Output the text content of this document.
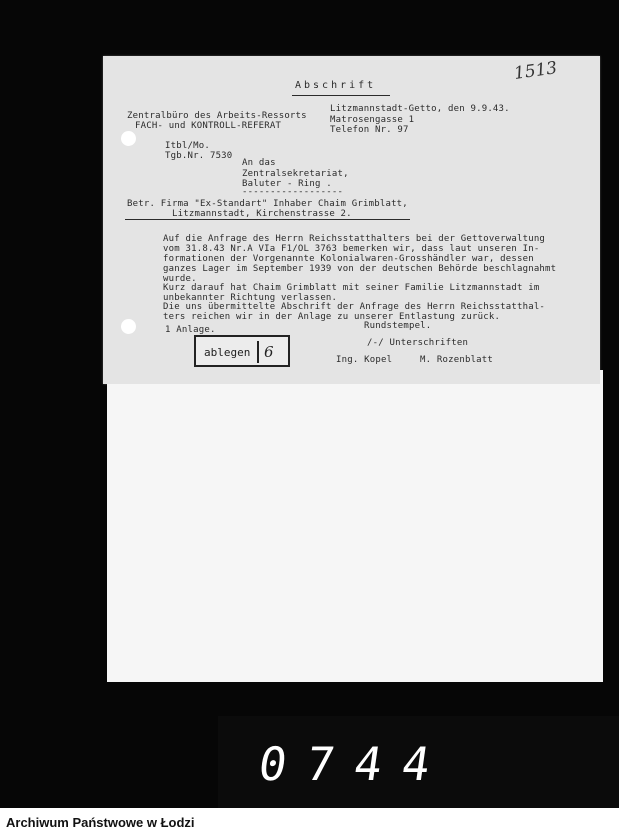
Abschrift
1513
Zentralbüro des Arbeits-Ressorts
FACH- und KONTROLL-REFERAT
Litzmannstadt-Getto, den 9.9.43.
Matrosengasse 1
Telefon Nr. 97
Itbl/Mo.
Tgb.Nr. 7530
An das
Zentralsekretariat,
Baluter - Ring .
------------------
Betr. Firma "Ex-Standart" Inhaber Chaim Grimblatt,
Litzmannstadt, Kirchenstrasse 2.
Auf die Anfrage des Herrn Reichsstatthalters bei der Gettoverwaltung
vom 31.8.43 Nr.A VIa F1/OL 3763 bemerken wir, dass laut unseren In-
formationen der Vorgenannte Kolonialwaren-Grosshändler war, dessen
ganzes Lager im September 1939 von der deutschen Behörde beschlagnahmt
wurde.
Kurz darauf hat Chaim Grimblatt mit seiner Familie Litzmannstadt im
unbekannter Richtung verlassen.
Die uns übermittelte Abschrift der Anfrage des Herrn Reichsstatthal-
ters reichen wir in der Anlage zu unserer Entlastung zurück.
1 Anlage.	Rundstempel.
/-/ Unterschriften
Ing. Kopel	M. Rozenblatt
ablegen 6
0744
Archiwum Państwowe w Łodzi
